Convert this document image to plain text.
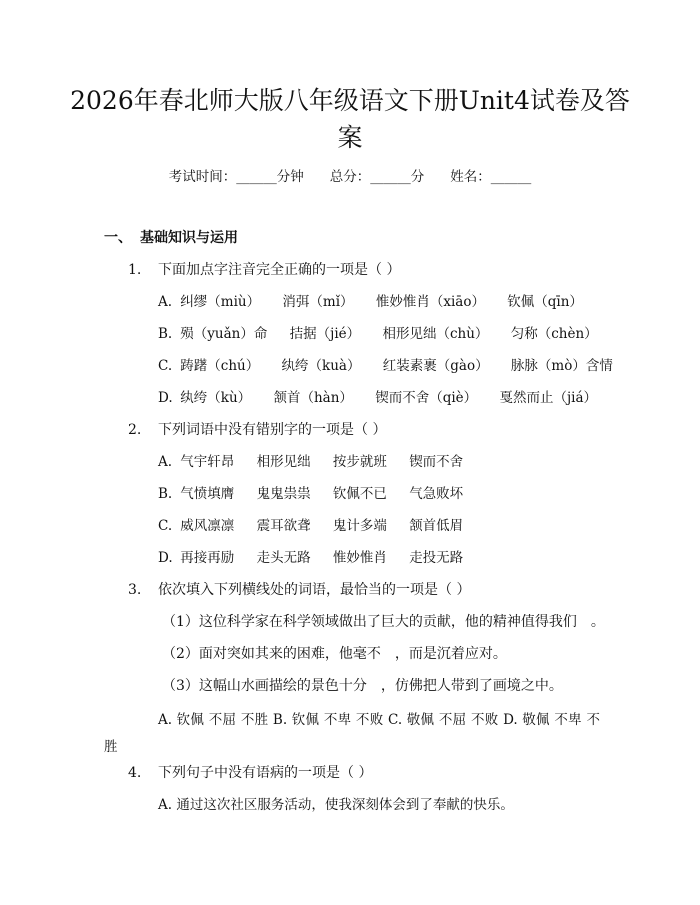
2026年春北师大版八年级语文下册Unit4试卷及答案
考试时间：______分钟 总分：______分 姓名：______
一、 基础知识与运用
1. 下面加点字注音完全正确的一项是（ ）
A. 纠缪（miù） 消弭（mǐ） 惟妙惟肖（xiāo） 钦佩（qīn）
B. 殒（yuǎn）命 拮据（jié） 相形见绌（chù） 匀称（chèn）
C. 踌躇（chú） 纨绔（kuà） 红装素裹（gào） 脉脉（mò）含情
D. 纨绔（kù） 颔首（hàn） 锲而不舍（qiè） 戛然而止（jiá）
2. 下列词语中没有错别字的一项是（ ）
A. 气宇轩昂 相形见绌 按步就班 锲而不舍
B. 气愤填膺 鬼鬼祟祟 钦佩不已 气急败坏
C. 威风凛凛 震耳欲聋 鬼计多端 颔首低眉
D. 再接再励 走头无路 惟妙惟肖 走投无路
3. 依次填入下列横线处的词语，最恰当的一项是（ ）
（1）这位科学家在科学领域做出了巨大的贡献，他的精神值得我们　。
（2）面对突如其来的困难，他毫不　，而是沉着应对。
（3）这幅山水画描绘的景色十分　，仿佛把人带到了画境之中。
A. 钦佩 不屈 不胜 B. 钦佩 不卑 不败 C. 敬佩 不屈 不败 D. 敬佩 不卑 不胜
4. 下列句子中没有语病的一项是（ ）
A. 通过这次社区服务活动，使我深刻体会到了奉献的快乐。
